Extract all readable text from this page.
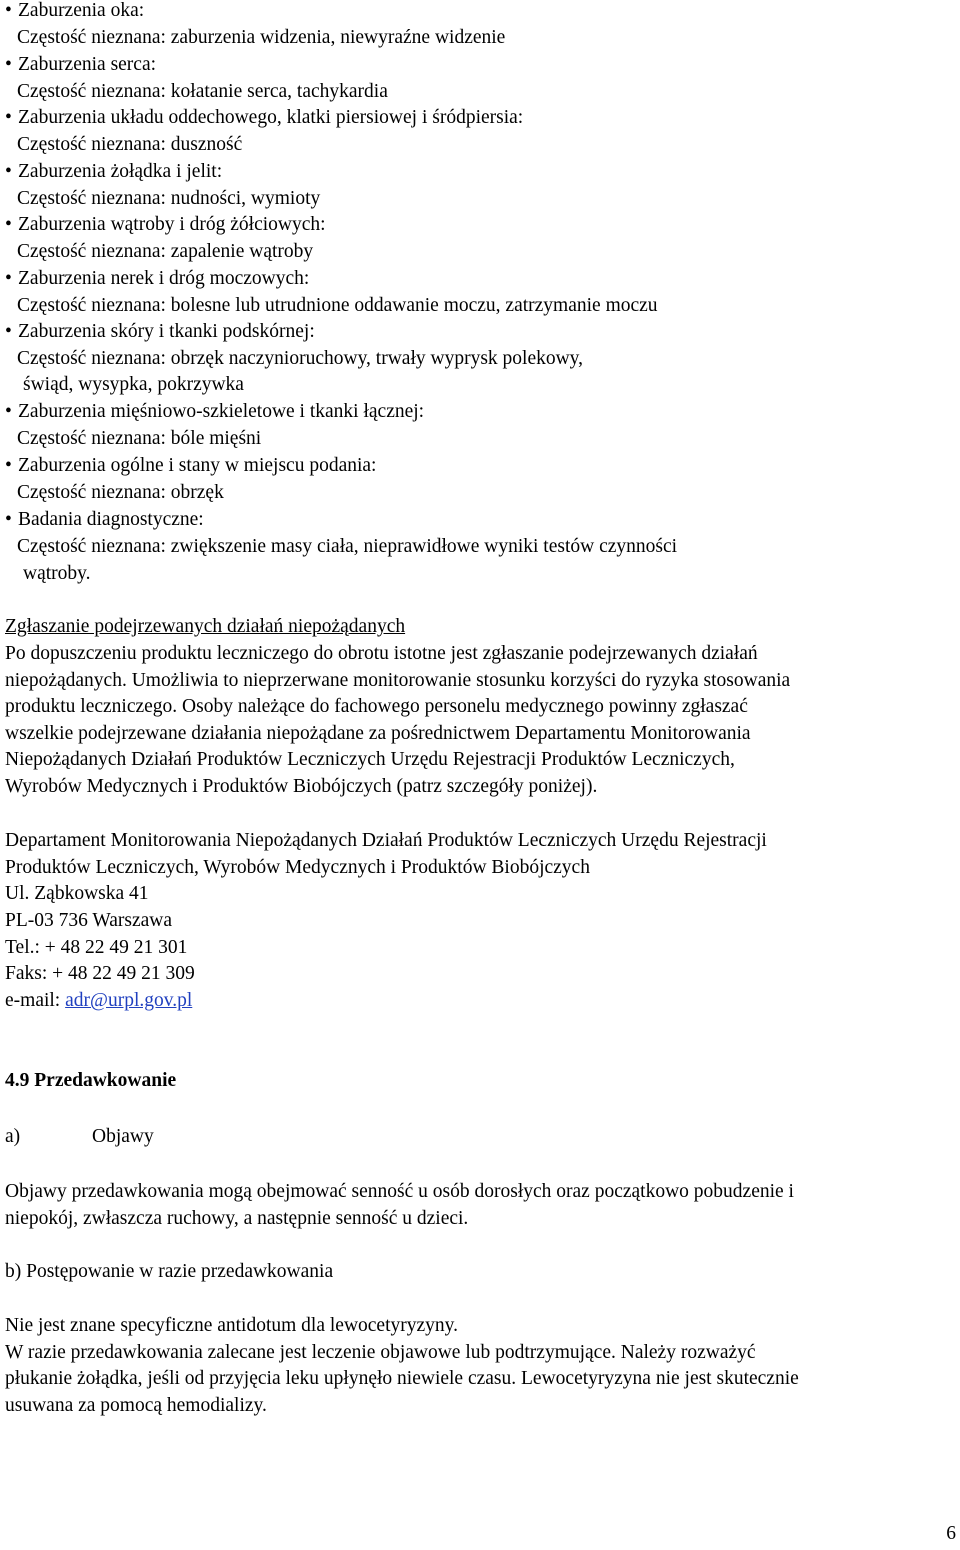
• Zaburzenia oka:
Częstość nieznana: zaburzenia widzenia, niewyraźne widzenie
• Zaburzenia serca:
Częstość nieznana: kołatanie serca, tachykardia
• Zaburzenia układu oddechowego, klatki piersiowej i śródpiersia:
Częstość nieznana: duszność
• Zaburzenia żołądka i jelit:
Częstość nieznana: nudności, wymioty
• Zaburzenia wątroby i dróg żółciowych:
Częstość nieznana: zapalenie wątroby
• Zaburzenia nerek i dróg moczowych:
Częstość nieznana: bolesne lub utrudnione oddawanie moczu, zatrzymanie moczu
• Zaburzenia skóry i tkanki podskórnej:
Częstość nieznana: obrzęk naczynioruchowy, trwały wyprysk polekowy,
świąd, wysypka, pokrzywka
• Zaburzenia mięśniowo-szkieletowe i tkanki łącznej:
Częstość nieznana: bóle mięśni
• Zaburzenia ogólne i stany w miejscu podania:
Częstość nieznana: obrzęk
• Badania diagnostyczne:
Częstość nieznana: zwiększenie masy ciała, nieprawidłowe wyniki testów czynności
wątroby.
Zgłaszanie podejrzewanych działań niepożądanych
Po dopuszczeniu produktu leczniczego do obrotu istotne jest zgłaszanie podejrzewanych działań
niepożądanych. Umożliwia to nieprzerwane monitorowanie stosunku korzyści do ryzyka stosowania
produktu leczniczego. Osoby należące do fachowego personelu medycznego powinny zgłaszać
wszelkie podejrzewane działania niepożądane za pośrednictwem Departamentu Monitorowania
Niepożądanych Działań Produktów Leczniczych Urzędu Rejestracji Produktów Leczniczych,
Wyrobów Medycznych i Produktów Biobójczych (patrz szczegóły poniżej).
Departament Monitorowania Niepożądanych Działań Produktów Leczniczych Urzędu Rejestracji
Produktów Leczniczych, Wyrobów Medycznych i Produktów Biobójczych
Ul. Ząbkowska 41
PL-03 736 Warszawa
Tel.: + 48 22 49 21 301
Faks: + 48 22 49 21 309
e-mail: adr@urpl.gov.pl
4.9 Przedawkowanie
a)	Objawy
Objawy przedawkowania mogą obejmować senność u osób dorosłych oraz początkowo pobudzenie i
niepokój, zwłaszcza ruchowy, a następnie senność u dzieci.
b) Postępowanie w razie przedawkowania
Nie jest znane specyficzne antidotum dla lewocetyryzyny.
W razie przedawkowania zalecane jest leczenie objawowe lub podtrzymujące. Należy rozważyć
płukanie żołądka, jeśli od przyjęcia leku upłynęło niewiele czasu. Lewocetyryzyna nie jest skutecznie
usuwana za pomocą hemodializy.
6
